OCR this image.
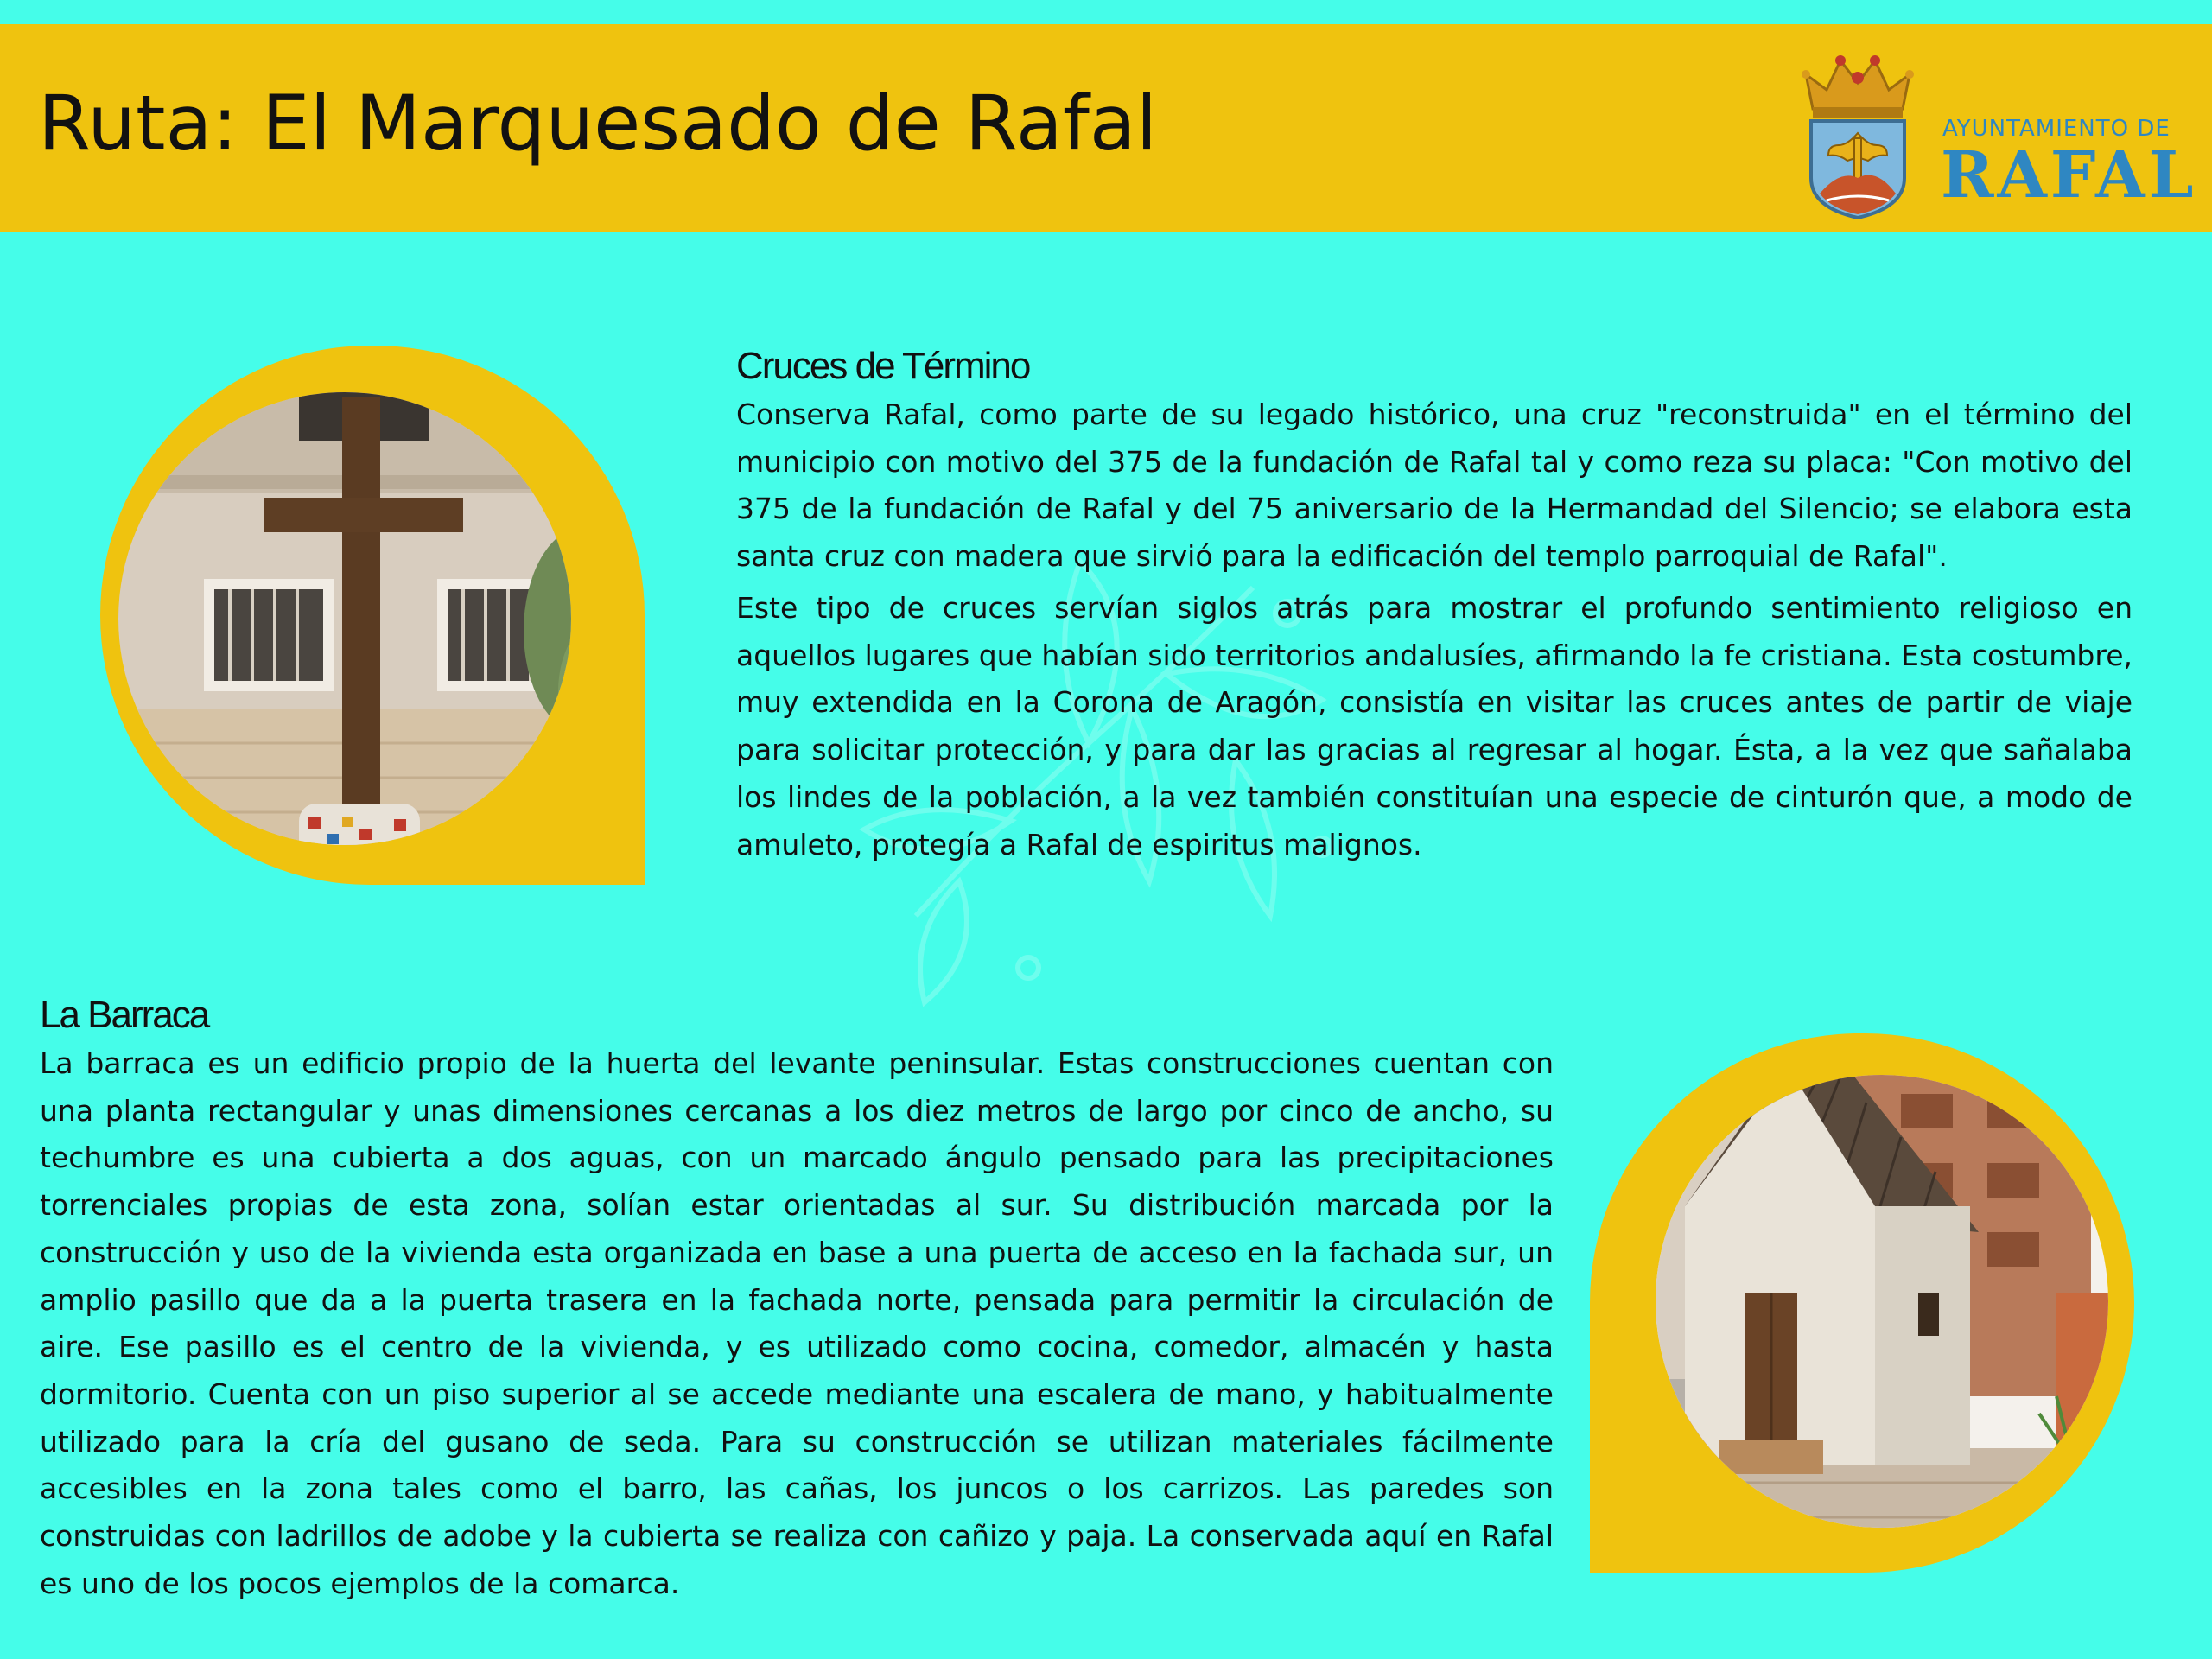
Ruta: El Marquesado de Rafal	AYUNTAMIENTO DE
RAFAL
Cruces de Término

Conserva Rafal, como parte de su legado histórico, una cruz "reconstruida" en el término del municipio con motivo del 375 de la fundación de Rafal tal y como reza su placa: "Con motivo del 375 de la fundación de Rafal y del 75 aniversario de la Hermandad del Silencio; se elabora esta santa cruz con madera que sirvió para la edificación del templo parroquial de Rafal".

Este tipo de cruces servían siglos atrás para mostrar el profundo sentimiento religioso en aquellos lugares que habían sido territorios andalusíes, afirmando la fe cristiana. Esta costumbre, muy extendida en la Corona de Aragón, consistía en visitar las cruces antes de partir de viaje para solicitar protección, y para dar las gracias al regresar al hogar. Ésta, a la vez que sañalaba los lindes de la población, a la vez también constituían una especie de cinturón que, a modo de amuleto, protegía a Rafal de espiritus malignos.

La Barraca

La barraca es un edificio propio de la huerta del levante peninsular. Estas construcciones cuentan con una planta rectangular y unas dimensiones cercanas a los diez metros de largo por cinco de ancho, su techumbre es una cubierta a dos aguas, con un marcado ángulo pensado para las precipitaciones torrenciales propias de esta zona, solían estar orientadas al sur. Su distribución marcada por la construcción y uso de la vivienda esta organizada en base a una puerta de acceso en la fachada sur, un amplio pasillo que da a la puerta trasera en la fachada norte, pensada para permitir la circulación de aire. Ese pasillo es el centro de la vivienda, y es utilizado como cocina, comedor, almacén y hasta dormitorio. Cuenta con un piso superior al se accede mediante una escalera de mano, y habitualmente utilizado para la cría del gusano de seda. Para su construcción se utilizan materiales fácilmente accesibles en la zona tales como el barro, las cañas, los juncos o los carrizos. Las paredes son construidas con ladrillos de adobe y la cubierta se realiza con cañizo y paja. La conservada aquí en Rafal es uno de los pocos ejemplos de la comarca.
